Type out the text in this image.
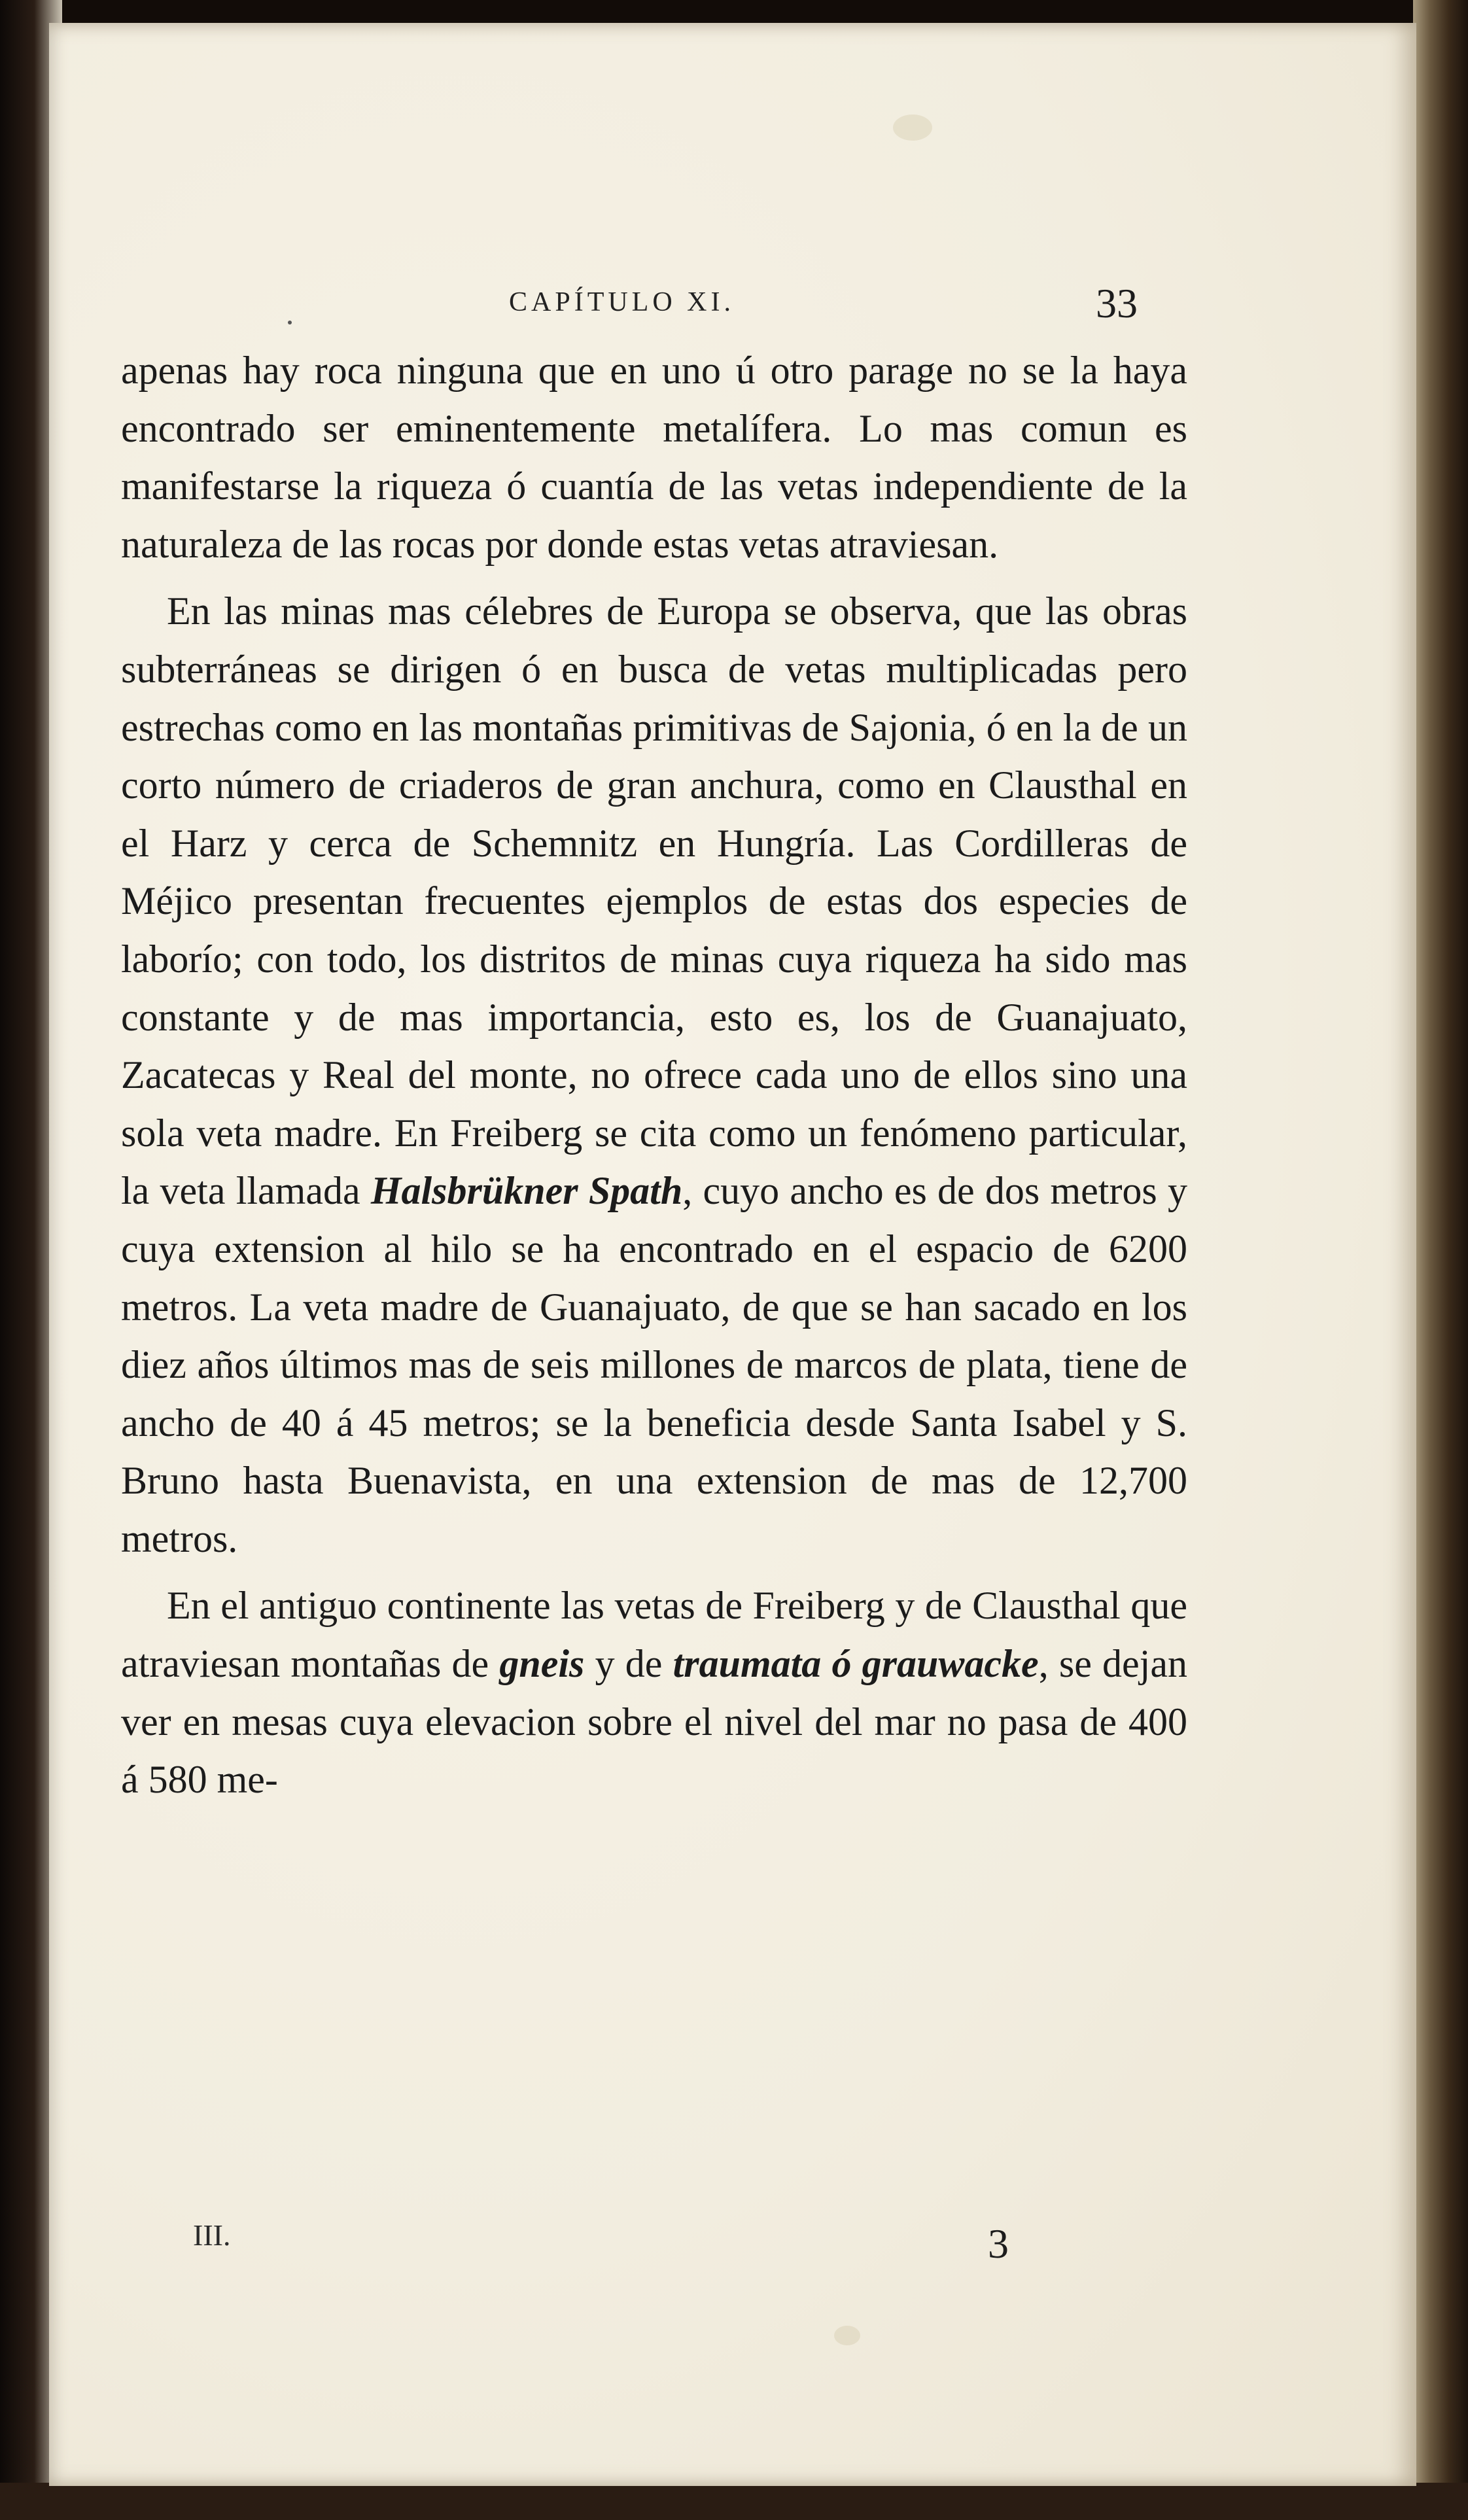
CAPÍTULO XI.	33

apenas hay roca ninguna que en uno ú otro parage no se la haya encontrado ser eminentemente metalífera. Lo mas comun es manifestarse la riqueza ó cuantía de las vetas independiente de la naturaleza de las rocas por donde estas vetas atraviesan.

En las minas mas célebres de Europa se observa, que las obras subterráneas se dirigen ó en busca de vetas multiplicadas pero estrechas como en las montañas primitivas de Sajonia, ó en la de un corto número de criaderos de gran anchura, como en Clausthal en el Harz y cerca de Schemnitz en Hungría. Las Cordilleras de Méjico presentan frecuentes ejemplos de estas dos especies de laborío; con todo, los distritos de minas cuya riqueza ha sido mas constante y de mas importancia, esto es, los de Guanajuato, Zacatecas y Real del monte, no ofrece cada uno de ellos sino una sola veta madre. En Freiberg se cita como un fenómeno particular, la veta llamada Halsbrükner Spath, cuyo ancho es de dos metros y cuya extension al hilo se ha encontrado en el espacio de 6200 metros. La veta madre de Guanajuato, de que se han sacado en los diez años últimos mas de seis millones de marcos de plata, tiene de ancho de 40 á 45 metros; se la beneficia desde Santa Isabel y S. Bruno hasta Buenavista, en una extension de mas de 12,700 metros.

En el antiguo continente las vetas de Freiberg y de Clausthal que atraviesan montañas de gneis y de traumata ó grauwacke, se dejan ver en mesas cuya elevacion sobre el nivel del mar no pasa de 400 á 580 me-

III.	3
